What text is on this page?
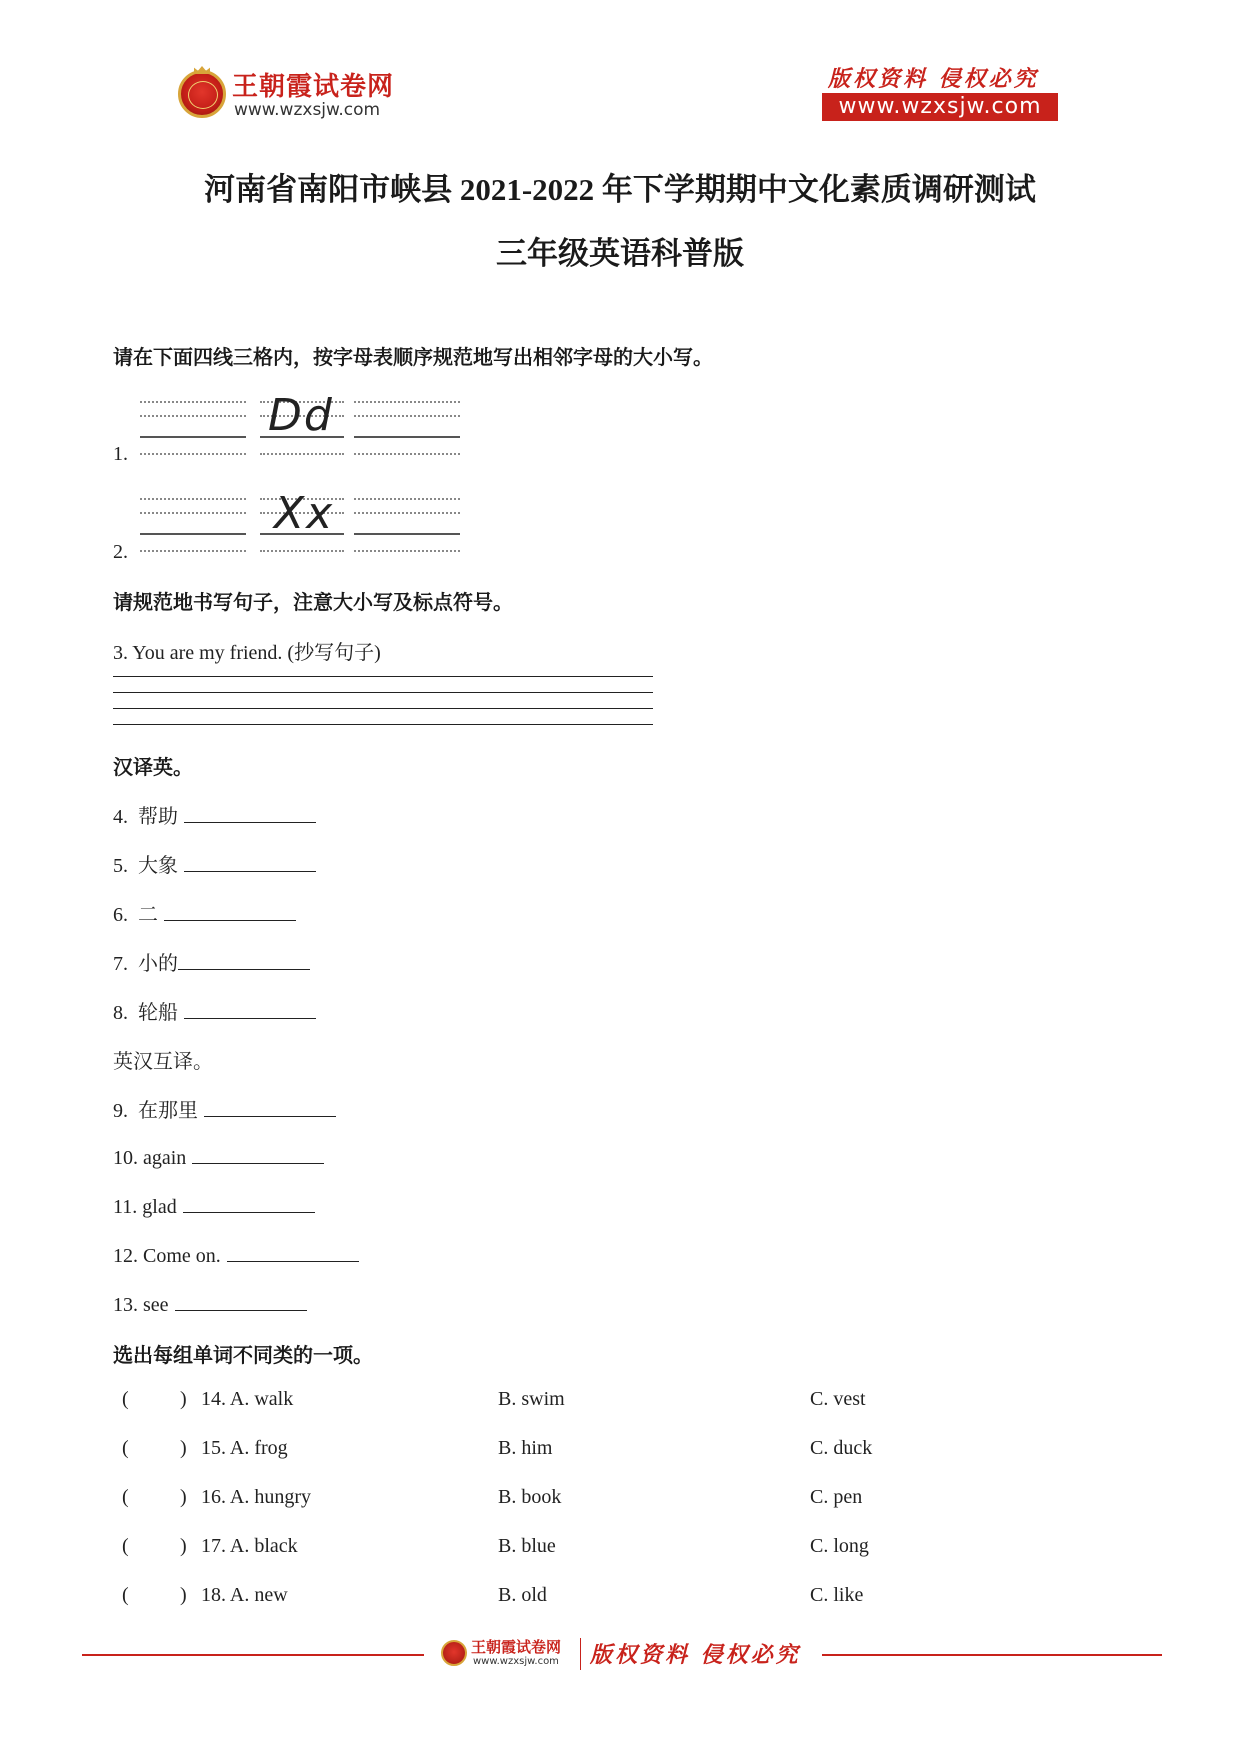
王朝霞试卷网
www.wzxsjw.com
版权资料 侵权必究
www.wzxsjw.com
河南省南阳市峡县 2021-2022 年下学期期中文化素质调研测试
三年级英语科普版
请在下面四线三格内，按字母表顺序规范地写出相邻字母的大小写。
Dd
1.
Xx
2.
请规范地书写句子，注意大小写及标点符号。
3. You are my friend. (抄写句子)
汉译英。
4.  帮助
5.  大象
6.  二
7.  小的
8.  轮船
英汉互译。
9.  在那里
10. again
11. glad
12. Come on.
13. see
选出每组单词不同类的一项。
(	) 14. A. walk	B. swim	C. vest
(	) 15. A. frog	B. him	C. duck
(	) 16. A. hungry	B. book	C. pen
(	) 17. A. black	B. blue	C. long
(	) 18. A. new	B. old	C. like
王朝霞试卷网
www.wzxsjw.com 版权资料 侵权必究
